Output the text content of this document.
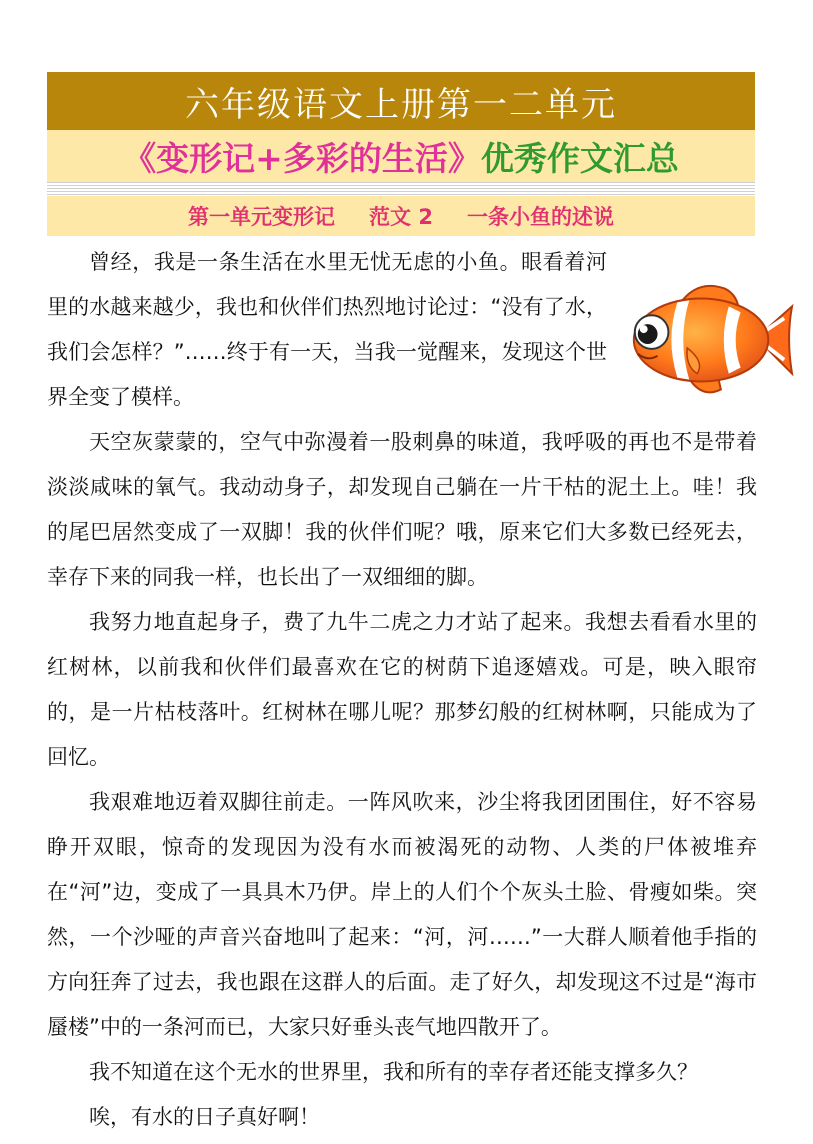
六年级语文上册第一二单元
《变形记+多彩的生活》 优秀作文汇总
第一单元变形记 范文 2 一条小鱼的述说

曾经，我是一条生活在水里无忧无虑的小鱼。眼看着河里的水越来越少，我也和伙伴们热烈地讨论过：“没有了水，我们会怎样？”……终于有一天，当我一觉醒来，发现这个世界全变了模样。

天空灰蒙蒙的，空气中弥漫着一股刺鼻的味道，我呼吸的再也不是带着淡淡咸味的氧气。我动动身子，却发现自己躺在一片干枯的泥土上。哇！我的尾巴居然变成了一双脚！我的伙伴们呢？哦，原来它们大多数已经死去，幸存下来的同我一样，也长出了一双细细的脚。

我努力地直起身子，费了九牛二虎之力才站了起来。我想去看看水里的红树林，以前我和伙伴们最喜欢在它的树荫下追逐嬉戏。可是，映入眼帘的，是一片枯枝落叶。红树林在哪儿呢？那梦幻般的红树林啊，只能成为了回忆。

我艰难地迈着双脚往前走。一阵风吹来，沙尘将我团团围住，好不容易睁开双眼，惊奇的发现因为没有水而被渴死的动物、人类的尸体被堆弃在“河”边，变成了一具具木乃伊。岸上的人们个个灰头土脸、骨瘦如柴。突然，一个沙哑的声音兴奋地叫了起来：“河，河……”一大群人顺着他手指的方向狂奔了过去，我也跟在这群人的后面。走了好久，却发现这不过是“海市蜃楼”中的一条河而已，大家只好垂头丧气地四散开了。

我不知道在这个无水的世界里，我和所有的幸存者还能支撑多久？

唉，有水的日子真好啊！
